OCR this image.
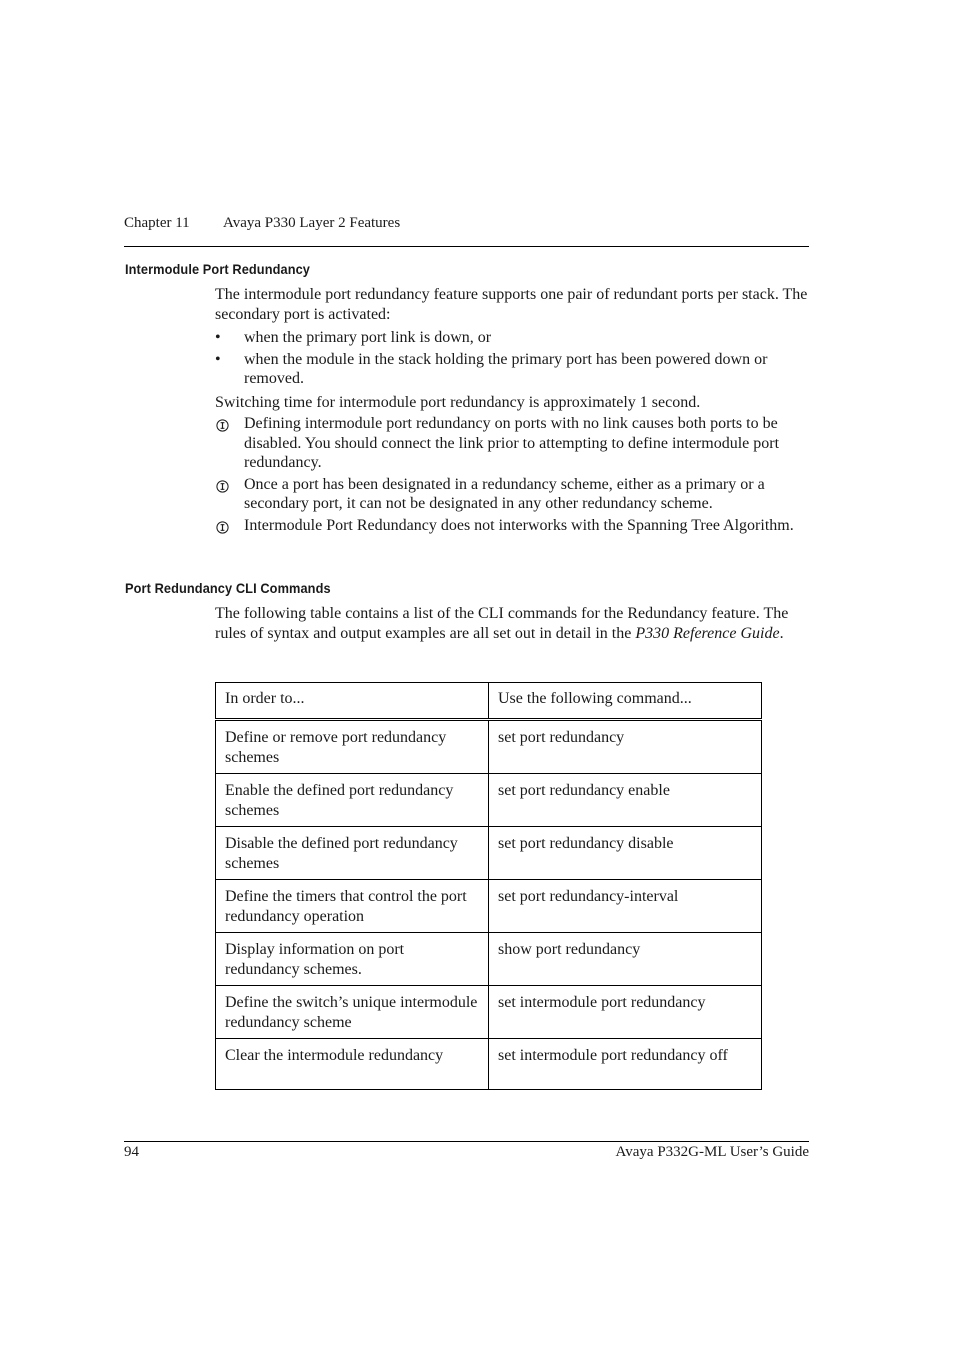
Chapter 11 Avaya P330 Layer 2 Features
Intermodule Port Redundancy

The intermodule port redundancy feature supports one pair of redundant ports per stack. The secondary port is activated:

• when the primary port link is down, or
• when the module in the stack holding the primary port has been powered down or removed.

Switching time for intermodule port redundancy is approximately 1 second.

Defining intermodule port redundancy on ports with no link causes both ports to be disabled. You should connect the link prior to attempting to define intermodule port redundancy.
Once a port has been designated in a redundancy scheme, either as a primary or a secondary port, it can not be designated in any other redundancy scheme.
Intermodule Port Redundancy does not interworks with the Spanning Tree Algorithm.
Port Redundancy CLI Commands

The following table contains a list of the CLI commands for the Redundancy feature. The rules of syntax and output examples are all set out in detail in the P330 Reference Guide.

In order to...	Use the following command...
Define or remove port redundancy schemes	set port redundancy
Enable the defined port redundancy schemes	set port redundancy enable
Disable the defined port redundancy schemes	set port redundancy disable
Define the timers that control the port redundancy operation	set port redundancy-interval
Display information on port redundancy schemes.	show port redundancy
Define the switch’s unique intermodule redundancy scheme	set intermodule port redundancy
Clear the intermodule redundancy	set intermodule port redundancy off
94	Avaya P332G-ML User’s Guide
